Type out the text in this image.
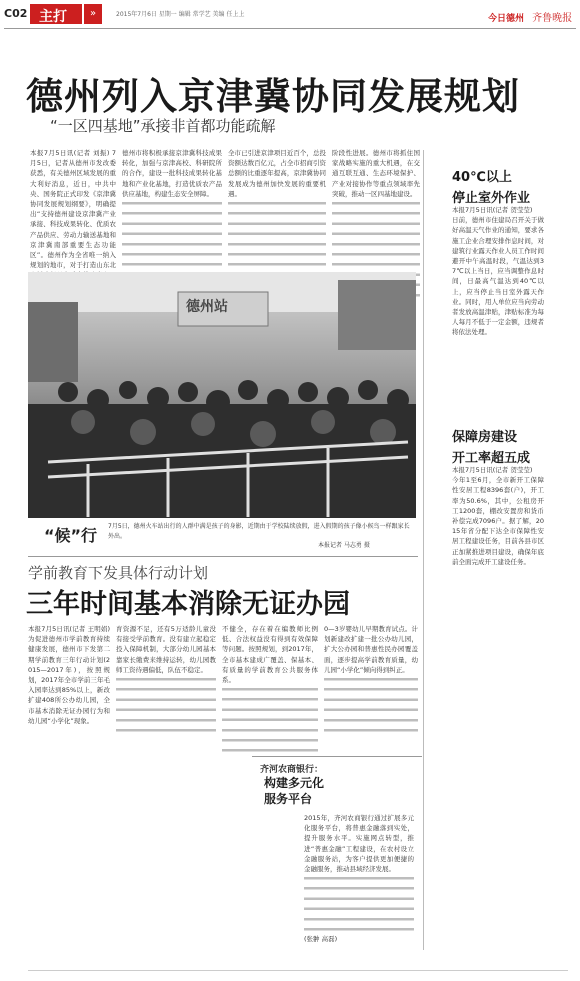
C02 主打	»	2015年7月6日 星期一 编辑 常学艺 美编 任上上	今日德州 齐鲁晚报
德州列入京津冀协同发展规划
“一区四基地”承接非首都功能疏解
本报7月5日讯(记者 刘振) 7月5日，记者从德州市发改委获悉，有关德州区域发展的重大利好消息，近日，中共中央、国务院正式印发《京津冀协同发展规划纲要》，明确提出“支持德州建设京津冀产业承接、科技成果转化、优质农产品供应、劳动力输送基地和京津冀南部重要生态功能区”。德州作为全省唯一纳入规划的地市，对于打造山东北
德州市将积极承接京津冀科技成果转化，加强与京津高校、科研院所的合作，建设一批科技成果转化基地和产业化基地，打造优质农产品供应基地，构建生态安全屏障。
全市已引进京津项目近百个，总投资额达数百亿元，占全市招商引资总额的比重逐年提高，京津冀协同发展成为德州加快发展的重要机遇。
阶段性进展。德州市将抓住国家战略实施的重大机遇，在交通互联互通、生态环境保护、产业对接协作等重点领域率先突破，推动一区四基地建设。
德州站
“候”行 7月5日，德州火车站出行的人群中满是孩子的身影，近期由于学校陆续放假，进入假期的孩子像小候鸟一样跟家长外出。
本报记者 马志勇 摄
学前教育下发具体行动计划
三年时间基本消除无证办园
本报7月5日讯(记者 王明娟) 为促进德州市学前教育持续健康发展，德州市下发第二期学前教育三年行动计划(2015—2017年)，按照规划，2017年全市学前三年毛入园率达到85%以上，新改扩建408所公办幼儿园，全市基本消除无证办园行为和幼儿园“小学化”现象。
育资源不足，还有5万适龄儿童没有接受学前教育。没有建立起稳定投入保障机制，大部分幼儿园基本靠家长缴费来维持运转，幼儿园教师工资待遇偏低，队伍不稳定。
不健全，存在着在编教师比例低、合法权益没有得到有效保障等问题。按照规划，到2017年，全市基本建成广覆盖、保基本、有质量的学前教育公共服务体系。
0—3岁婴幼儿早期教育试点。计划新建改扩建一批公办幼儿园，扩大公办园和普惠性民办园覆盖面，逐步提高学前教育质量，幼儿园“小学化”倾向得到纠正。
40℃以上
停止室外作业
本报7月5日讯(记者 贺莹莹)
日前，德州市住建局召开关于做好高温天气作业的通知，要求各施工企业合理安排作息时间，对建筑行业露天作业人员工作时间避开中午高温时段，气温达到37℃以上当日，应当调整作息时间，日最高气温达到40℃以上，应当停止当日室外露天作业。同时，用人单位应当向劳动者发放高温津贴，津贴标准为每人每月不低于一定金额，违规者将依法处理。
保障房建设
开工率超五成
本报7月5日讯(记者 贺莹莹)
今年1至6月，全市新开工保障性安居工程8396套(户)，开工率为50.6%，其中，公租房开工1200套，棚改安置房和货币补偿完成7096户。据了解，2015年省分配下达全市保障性安居工程建设任务，目前各县市区正加紧推进项目建设，确保年底前全面完成开工建设任务。
齐河农商银行：
构建多元化
服务平台
2015年，齐河农商银行通过扩展多元化服务平台，将普惠金融落到实处，提升服务水平。实施网点转型，推进“普惠金融”工程建设，在农村设立金融服务站，为客户提供更加便捷的金融服务，推动县域经济发展。
(张翀 高磊)
